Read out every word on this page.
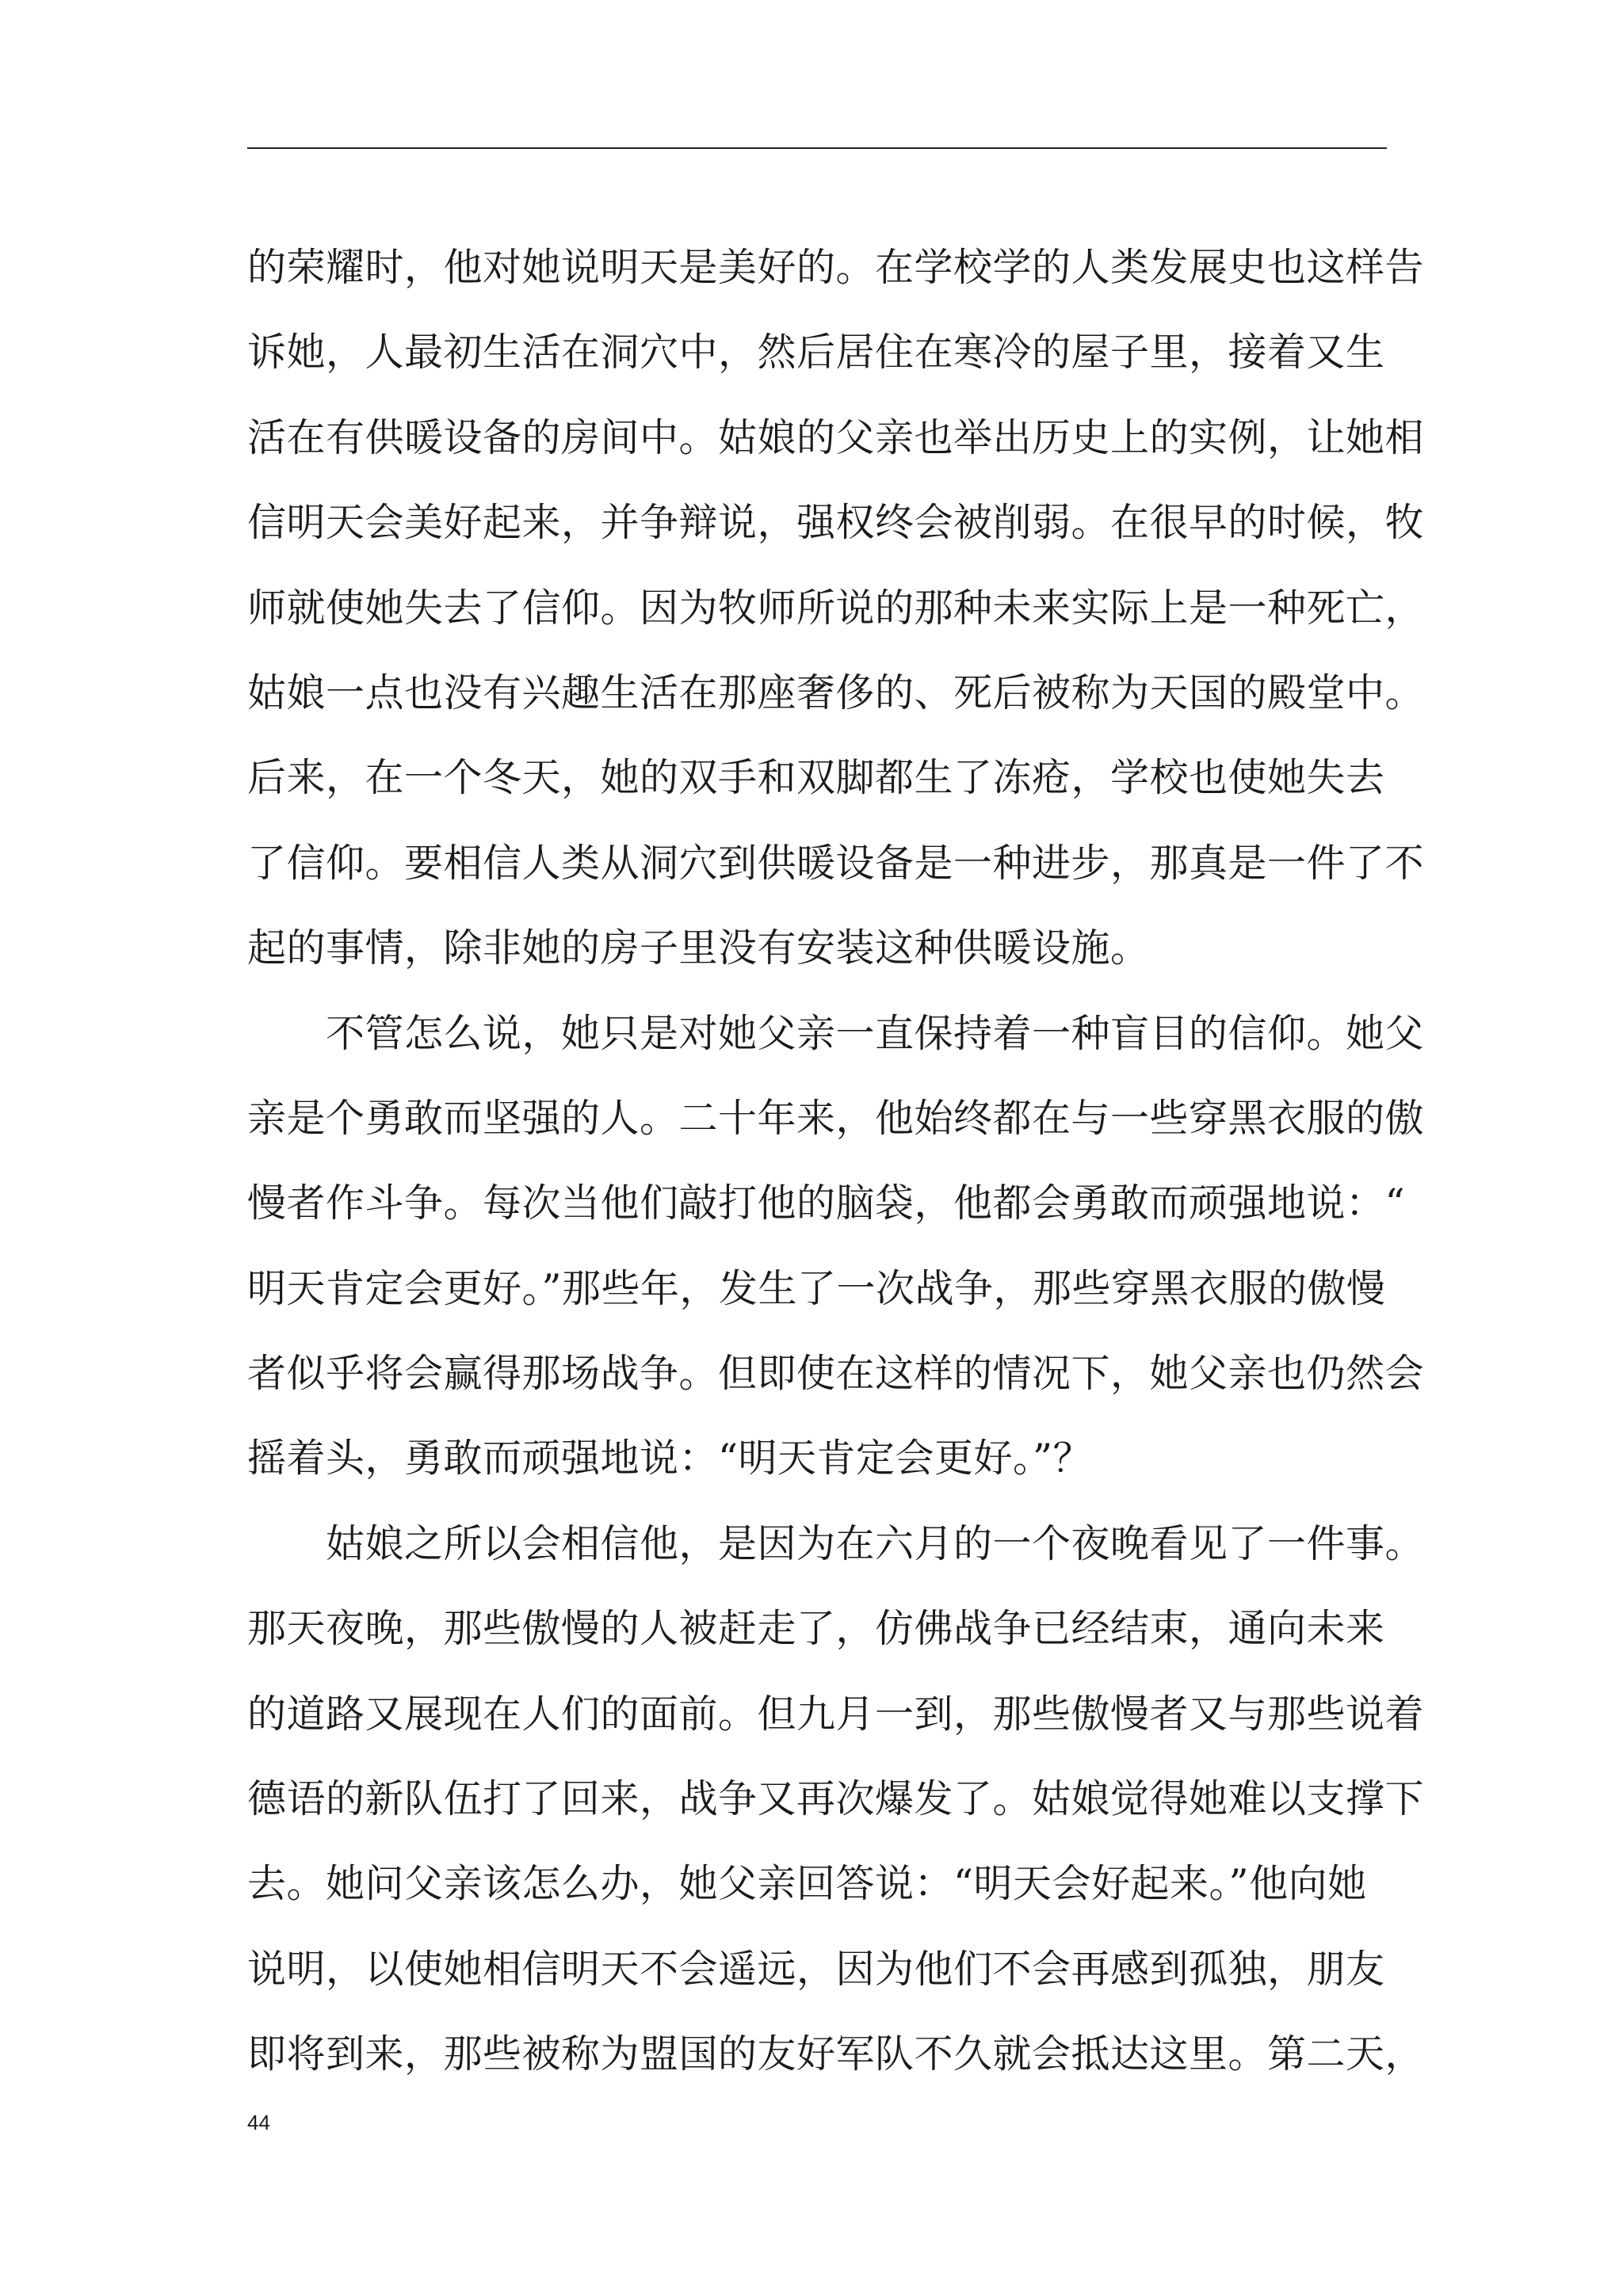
的荣耀时，他对她说明天是美好的。在学校学的人类发展史也这样告
诉她，人最初生活在洞穴中，然后居住在寒冷的屋子里，接着又生
活在有供暖设备的房间中。姑娘的父亲也举出历史上的实例，让她相
信明天会美好起来，并争辩说，强权终会被削弱。在很早的时候，牧
师就使她失去了信仰。因为牧师所说的那种未来实际上是一种死亡，
姑娘一点也没有兴趣生活在那座奢侈的、死后被称为天国的殿堂中。
后来，在一个冬天，她的双手和双脚都生了冻疮，学校也使她失去
了信仰。要相信人类从洞穴到供暖设备是一种进步，那真是一件了不
起的事情，除非她的房子里没有安装这种供暖设施。
　　不管怎么说，她只是对她父亲一直保持着一种盲目的信仰。她父
亲是个勇敢而坚强的人。二十年来，他始终都在与一些穿黑衣服的傲
慢者作斗争。每次当他们敲打他的脑袋，他都会勇敢而顽强地说：“
明天肯定会更好。”那些年，发生了一次战争，那些穿黑衣服的傲慢
者似乎将会赢得那场战争。但即使在这样的情况下，她父亲也仍然会
摇着头，勇敢而顽强地说：“明天肯定会更好。”？
　　姑娘之所以会相信他，是因为在六月的一个夜晚看见了一件事。
那天夜晚，那些傲慢的人被赶走了，仿佛战争已经结束，通向未来
的道路又展现在人们的面前。但九月一到，那些傲慢者又与那些说着
德语的新队伍打了回来，战争又再次爆发了。姑娘觉得她难以支撑下
去。她问父亲该怎么办，她父亲回答说：“明天会好起来。”他向她
说明，以使她相信明天不会遥远，因为他们不会再感到孤独，朋友
即将到来，那些被称为盟国的友好军队不久就会抵达这里。第二天，
44
